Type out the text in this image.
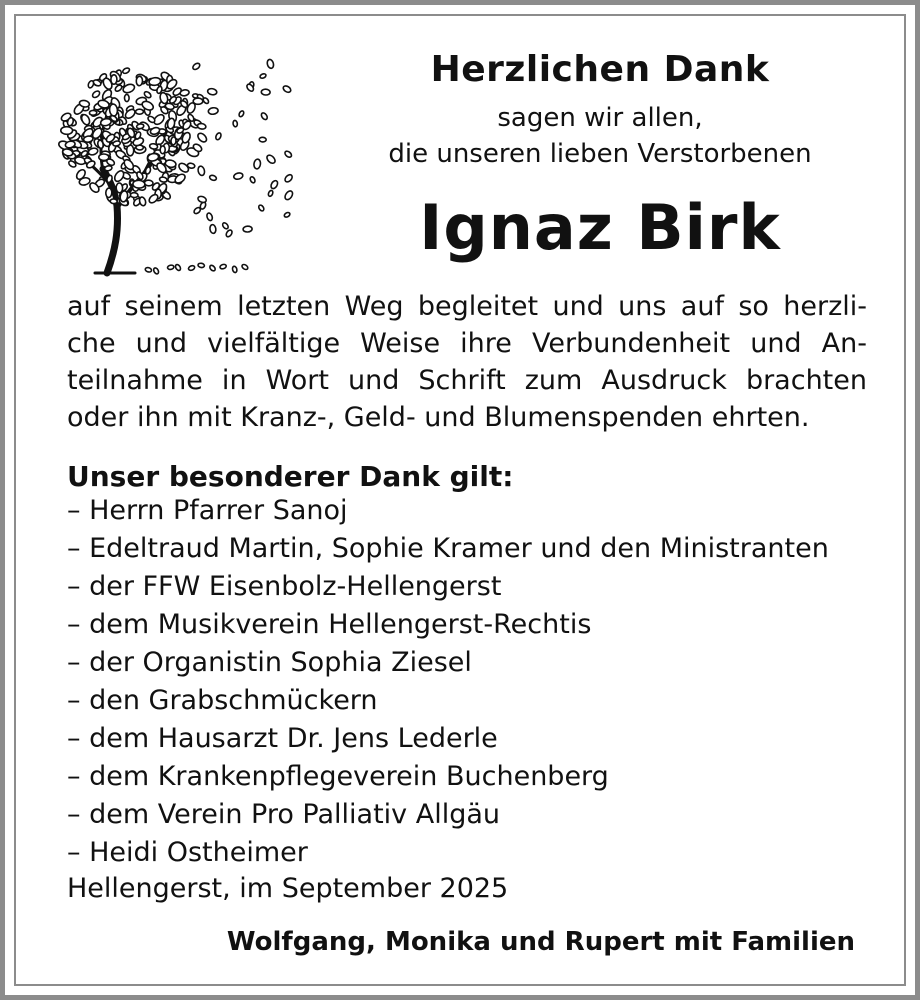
Herzlichen Dank

sagen wir allen,

die unseren lieben Verstorbenen

Ignaz Birk

auf seinem letzten Weg begleitet und uns auf so herzli-
che und vielfältige Weise ihre Verbundenheit und An-
teilnahme in Wort und Schrift zum Ausdruck brachten
oder ihn mit Kranz-, Geld- und Blumenspenden ehrten.

Unser besonderer Dank gilt:

– Herrn Pfarrer Sanoj
– Edeltraud Martin, Sophie Kramer und den Ministranten
– der FFW Eisenbolz-Hellengerst
– dem Musikverein Hellengerst-Rechtis
– der Organistin Sophia Ziesel
– den Grabschmückern
– dem Hausarzt Dr. Jens Lederle
– dem Krankenpflegeverein Buchenberg
– dem Verein Pro Palliativ Allgäu
– Heidi Ostheimer

Hellengerst, im September 2025

Wolfgang, Monika und Rupert mit Familien
